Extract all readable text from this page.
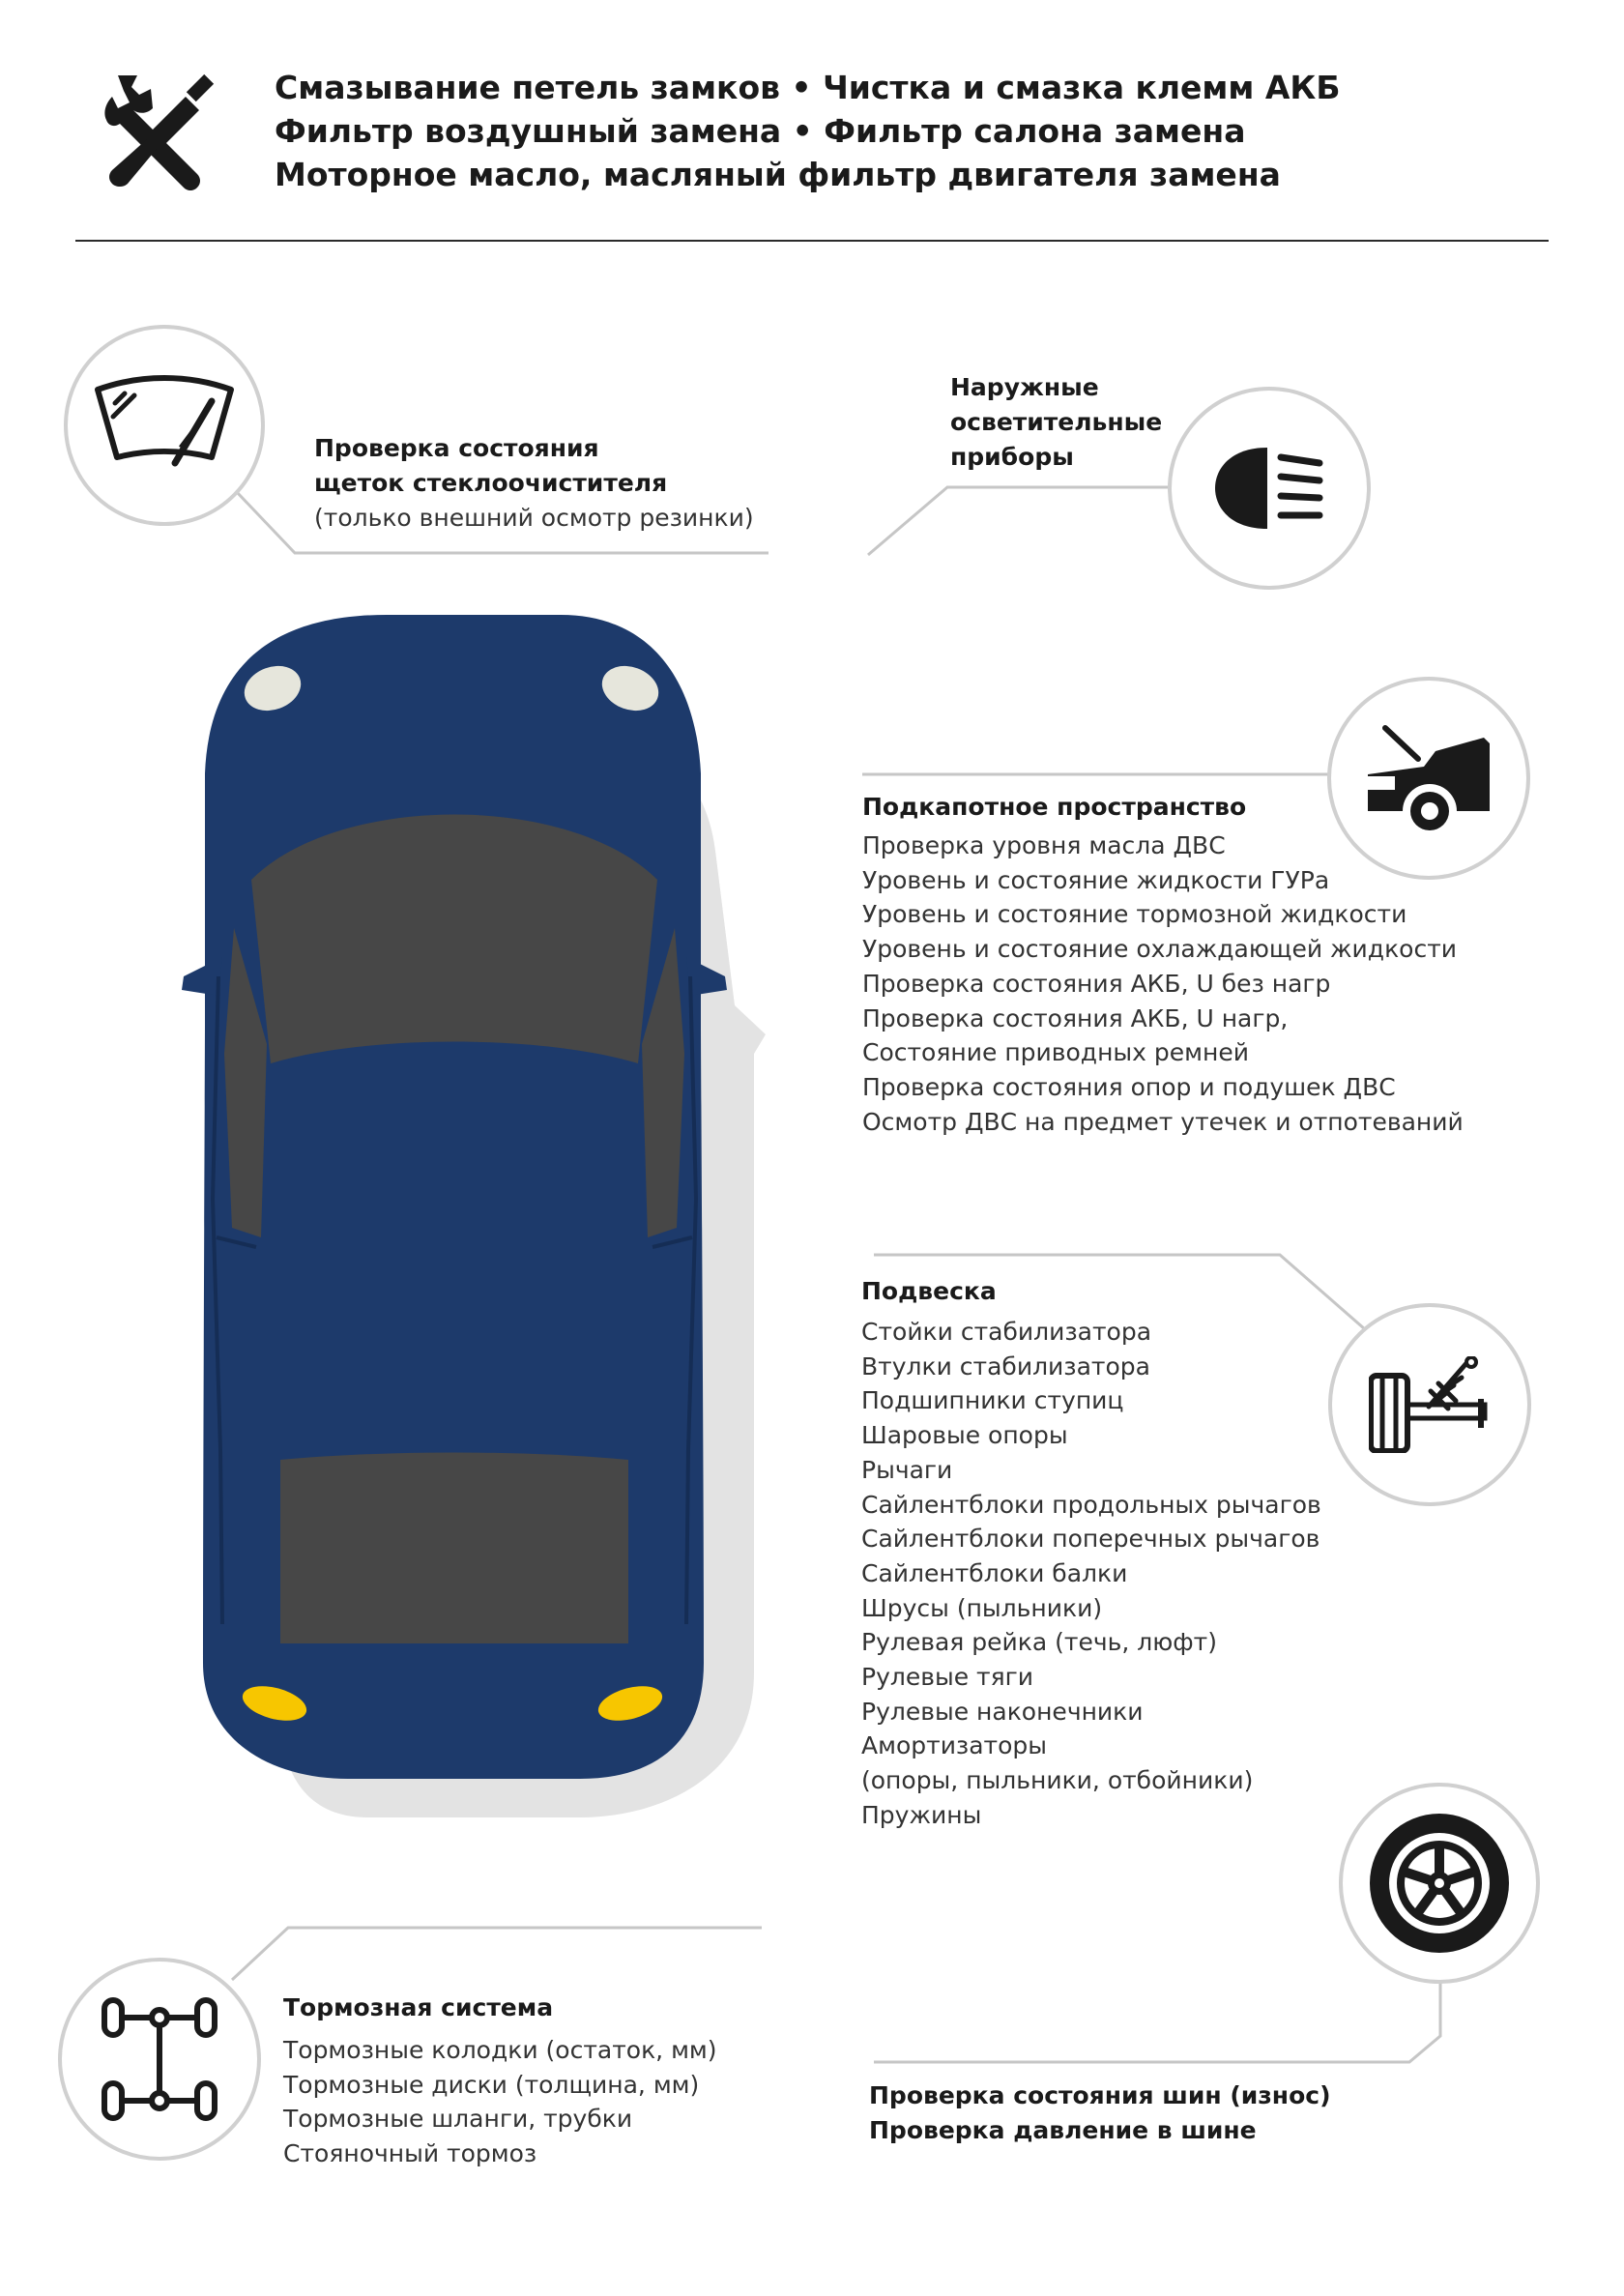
Смазывание петель замков • Чистка и смазка клемм АКБ
Фильтр воздушный замена • Фильтр салона замена
Моторное масло, масляный фильтр двигателя замена
Проверка состояния
щеток стеклоочистителя
(только внешний осмотр резинки)
Наружные
осветительные
приборы
Подкапотное пространство
Проверка уровня масла ДВС
Уровень и состояние жидкости ГУРа
Уровень и состояние тормозной жидкости
Уровень и состояние охлаждающей жидкости
Проверка состояния АКБ, U без нагр
Проверка состояния АКБ, U нагр,
Состояние приводных ремней
Проверка состояния опор и подушек ДВС
Осмотр ДВС на предмет утечек и отпотеваний
Подвеска
Стойки стабилизатора
Втулки стабилизатора
Подшипники ступиц
Шаровые опоры
Рычаги
Сайлентблоки продольных рычагов
Сайлентблоки поперечных рычагов
Сайлентблоки балки
Шрусы (пыльники)
Рулевая рейка (течь, люфт)
Рулевые тяги
Рулевые наконечники
Амортизаторы
(опоры, пыльники, отбойники)
Пружины
Проверка состояния шин (износ)
Проверка давление в шине
Тормозная система
Тормозные колодки (остаток, мм)
Тормозные диски (толщина, мм)
Тормозные шланги, трубки
Стояночный тормоз
